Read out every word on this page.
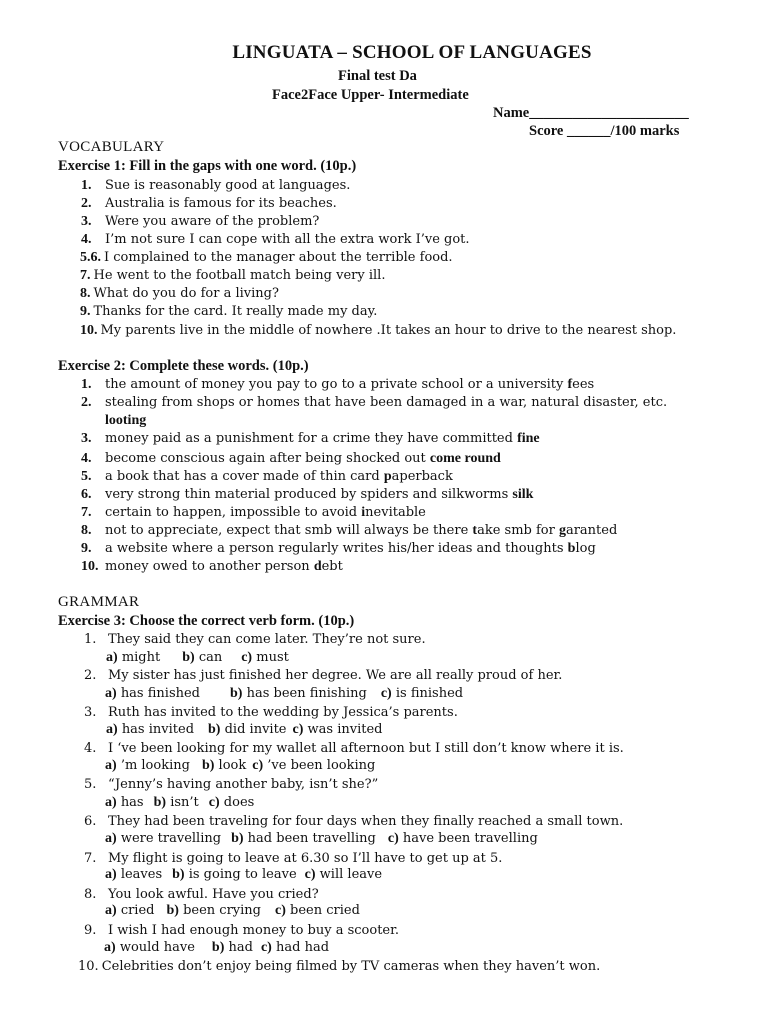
LINGUATA – SCHOOL OF LANGUAGES
Final test Da
Face2Face Upper- Intermediate
Name______________________
Score ______/100 marks
VOCABULARY
Exercise 1: Fill in the gaps with one word. (10p.)
1. Sue is reasonably good at languages.
2. Australia is famous for its beaches.
3. Were you aware of the problem?
4. I’m not sure I can cope with all the extra work I’ve got.
5.6. I complained to the manager about the terrible food.
7. He went to the football match being very ill.
8. What do you do for a living?
9. Thanks for the card. It really made my day.
10. My parents live in the middle of nowhere .It takes an hour to drive to the nearest shop.
Exercise 2: Complete these words. (10p.)
1. the amount of money you pay to go to a private school or a university fees
2. stealing from shops or homes that have been damaged in a war, natural disaster, etc.
looting
3. money paid as a punishment for a crime they have committed fine
4. become conscious again after being shocked out come round
5. a book that has a cover made of thin card paperback
6. very strong thin material produced by spiders and silkworms silk
7. certain to happen, impossible to avoid inevitable
8. not to appreciate, expect that smb will always be there take smb for garanted
9. a website where a person regularly writes his/her ideas and thoughts blog
10. money owed to another person debt
GRAMMAR
Exercise 3: Choose the correct verb form. (10p.)
1. They said they can come later. They’re not sure.
a) might b) can c) must
2. My sister has just finished her degree. We are all really proud of her.
a) has finished b) has been finishing c) is finished
3. Ruth has invited to the wedding by Jessica’s parents.
a) has invited b) did invite c) was invited
4. I ‘ve been looking for my wallet all afternoon but I still don’t know where it is.
a) ’m looking b) look c) ’ve been looking
5. “Jenny’s having another baby, isn’t she?”
a) has b) isn’t c) does
6. They had been traveling for four days when they finally reached a small town.
a) were travelling b) had been travelling c) have been travelling
7. My flight is going to leave at 6.30 so I’ll have to get up at 5.
a) leaves b) is going to leave c) will leave
8. You look awful. Have you cried?
a) cried b) been crying c) been cried
9. I wish I had enough money to buy a scooter.
a) would have b) had c) had had
10. Celebrities don’t enjoy being filmed by TV cameras when they haven’t won.
